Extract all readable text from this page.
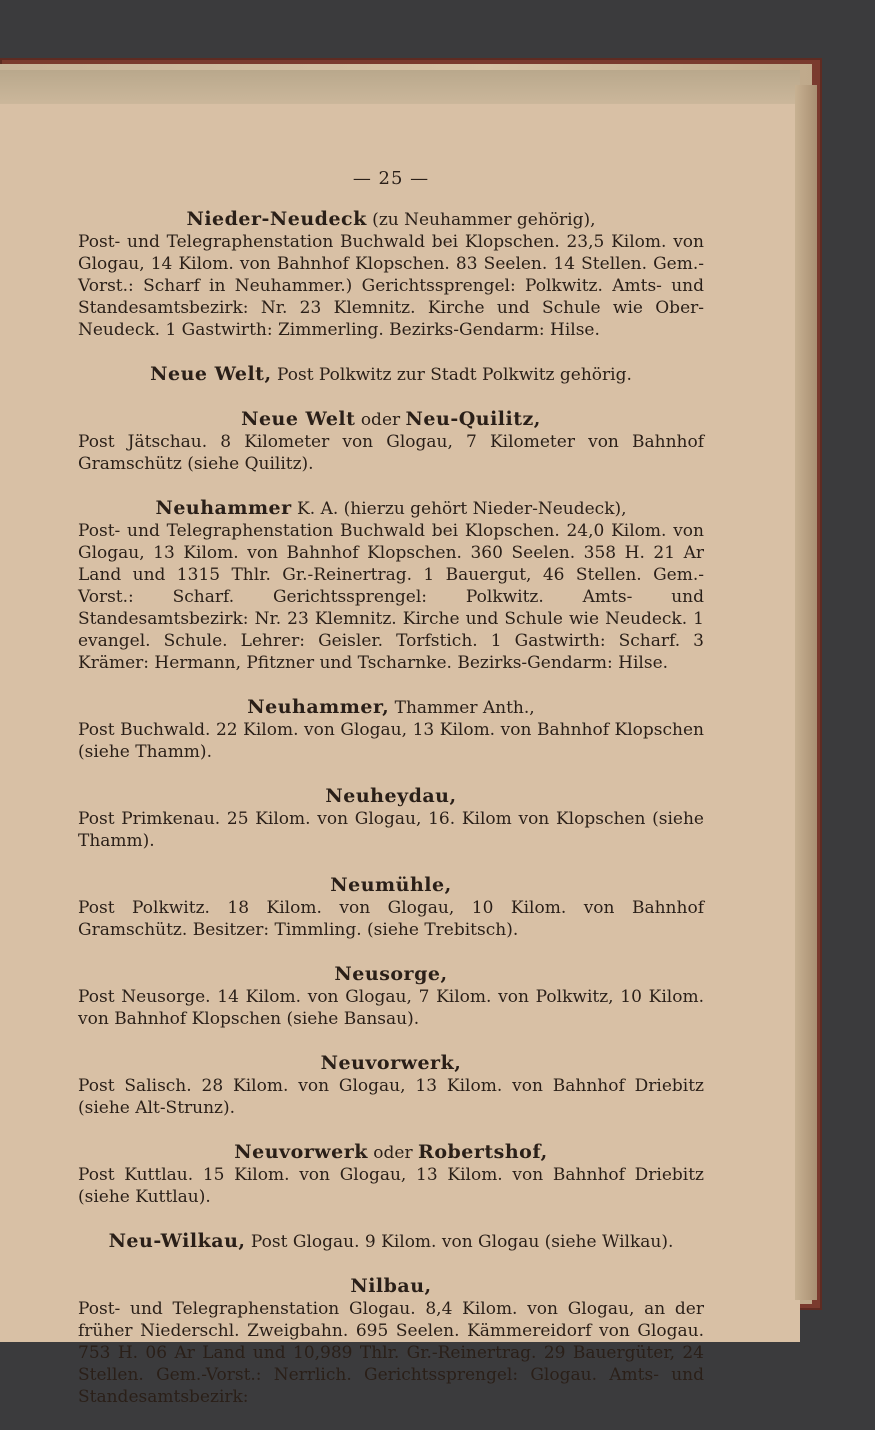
— 25 —
Nieder-Neudeck (zu Neuhammer gehörig),
Post- und Telegraphenstation Buchwald bei Klopschen. 23,5 Kilom. von Glogau, 14 Kilom. von Bahnhof Klopschen. 83 Seelen. 14 Stellen. Gem.-Vorst.: Scharf in Neuhammer.) Gerichtssprengel: Polkwitz. Amts- und Standesamtsbezirk: Nr. 23 Klemnitz. Kirche und Schule wie Ober-Neudeck. 1 Gastwirth: Zimmerling. Bezirks-Gendarm: Hilse.
Neue Welt, Post Polkwitz zur Stadt Polkwitz gehörig.
Neue Welt oder Neu-Quilitz,
Post Jätschau. 8 Kilometer von Glogau, 7 Kilometer von Bahnhof Gramschütz (siehe Quilitz).
Neuhammer K. A. (hierzu gehört Nieder-Neudeck),
Post- und Telegraphenstation Buchwald bei Klopschen. 24,0 Kilom. von Glogau, 13 Kilom. von Bahnhof Klopschen. 360 Seelen. 358 H. 21 Ar Land und 1315 Thlr. Gr.-Reinertrag. 1 Bauergut, 46 Stellen. Gem.-Vorst.: Scharf. Gerichtssprengel: Polkwitz. Amts- und Standesamtsbezirk: Nr. 23 Klemnitz. Kirche und Schule wie Neudeck. 1 evangel. Schule. Lehrer: Geisler. Torfstich. 1 Gastwirth: Scharf. 3 Krämer: Hermann, Pfitzner und Tscharnke. Bezirks-Gendarm: Hilse.
Neuhammer, Thammer Anth.,
Post Buchwald. 22 Kilom. von Glogau, 13 Kilom. von Bahnhof Klopschen (siehe Thamm).
Neuheydau,
Post Primkenau. 25 Kilom. von Glogau, 16. Kilom von Klopschen (siehe Thamm).
Neumühle,
Post Polkwitz. 18 Kilom. von Glogau, 10 Kilom. von Bahnhof Gramschütz. Besitzer: Timmling. (siehe Trebitsch).
Neusorge,
Post Neusorge. 14 Kilom. von Glogau, 7 Kilom. von Polkwitz, 10 Kilom. von Bahnhof Klopschen (siehe Bansau).
Neuvorwerk,
Post Salisch. 28 Kilom. von Glogau, 13 Kilom. von Bahnhof Driebitz (siehe Alt-Strunz).
Neuvorwerk oder Robertshof,
Post Kuttlau. 15 Kilom. von Glogau, 13 Kilom. von Bahnhof Driebitz (siehe Kuttlau).
Neu-Wilkau, Post Glogau. 9 Kilom. von Glogau (siehe Wilkau).
Nilbau,
Post- und Telegraphenstation Glogau. 8,4 Kilom. von Glogau, an der früher Niederschl. Zweigbahn. 695 Seelen. Kämmereidorf von Glogau. 753 H. 06 Ar Land und 10,989 Thlr. Gr.-Reinertrag. 29 Bauergüter, 24 Stellen. Gem.-Vorst.: Nerrlich. Gerichtssprengel: Glogau. Amts- und Standesamtsbezirk:
